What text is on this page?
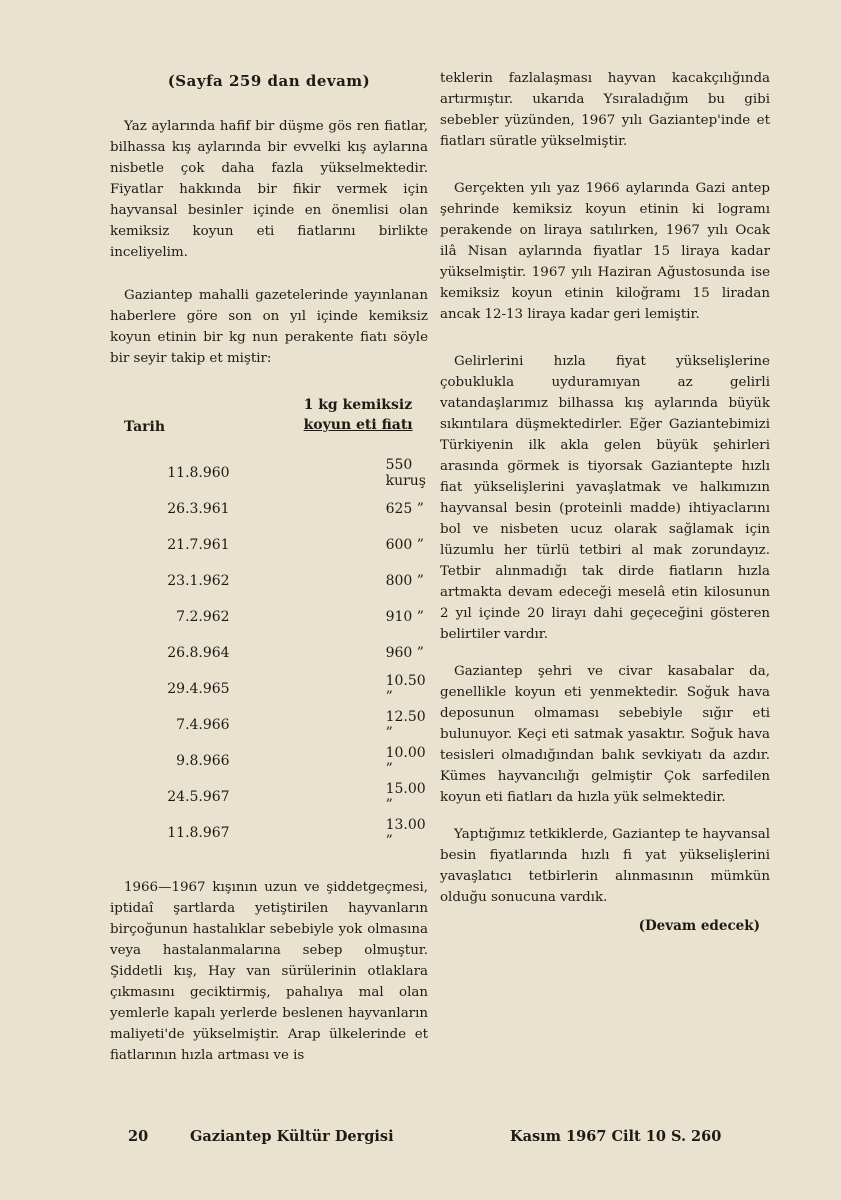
(Sayfa 259 dan devam)

Yaz aylarında hafif bir düşme gös ren fiatlar, bilhassa kış aylarında bir evvelki kış aylarına nisbetle çok daha fazla yükselmektedir. Fiyatlar hakkında bir fikir vermek için hayvansal besinler içinde en önemlisi olan kemiksiz koyun eti fiatlarını birlikte inceliyelim.

Gaziantep mahalli gazetelerinde yayınlanan haberlere göre son on yıl içinde kemiksiz koyun etinin bir kg nun perakente fiatı söyle bir seyir takip et miştir:

Tarih	1 kg kemiksiz
koyun eti fiatı

11.8.960	550 kuruş
26.3.961	625 ”
21.7.961	600 ”
23.1.962	800 ”
7.2.962	910 ”
26.8.964	960 ”
29.4.965	10.50 ”
7.4.966	12.50 ”
9.8.966	10.00 ”
24.5.967	15.00 ”
11.8.967	13.00 ”

1966—1967 kışının uzun ve şiddetgeçmesi, iptidaî şartlarda yetiştirilen hayvanların birçoğunun hastalıklar sebebiyle yok olmasına veya hastalanmalarına sebep olmuştur. Şiddetli kış, Hay van sürülerinin otlaklara çıkmasını geciktirmiş, pahalıya mal olan yemlerle kapalı yerlerde beslenen hayvanların maliyeti'de yükselmiştir. Arap ülkelerinde et fiatlarının hızla artması ve is

teklerin fazlalaşması hayvan kacakçılığında artırmıştır. ukarıda Ysıraladığım bu gibi sebebler yüzünden, 1967 yılı Gaziantep'inde et fiatları süratle yükselmiştir.

Gerçekten yılı yaz 1966 aylarında Gazi antep şehrinde kemiksiz koyun etinin ki logramı perakende on liraya satılırken, 1967 yılı Ocak ilâ Nisan aylarında fiyatlar 15 liraya kadar yükselmiştir. 1967 yılı Haziran Ağustosunda ise kemiksiz koyun etinin kiloğramı 15 liradan ancak 12-13 liraya kadar geri lemiştir.

Gelirlerini hızla fiyat yükselişlerine çobuklukla uyduramıyan az gelirli vatandaşlarımız bilhassa kış aylarında büyük sıkıntılara düşmektedirler. Eğer Gaziantebimizi Türkiyenin ilk akla gelen büyük şehirleri arasında görmek is tiyorsak Gaziantepte hızlı fiat yükselişlerini yavaşlatmak ve halkımızın hayvansal besin (proteinli madde) ihtiyaclarını bol ve nisbeten ucuz olarak sağlamak için lüzumlu her türlü tetbiri al mak zorundayız. Tetbir alınmadığı tak dirde fiatların hızla artmakta devam edeceği meselâ etin kilosunun 2 yıl içinde 20 lirayı dahi geçeceğini gösteren belirtiler vardır.

Gaziantep şehri ve civar kasabalar da, genellikle koyun eti yenmektedir. Soğuk hava deposunun olmaması sebebiyle sığır eti bulunuyor. Keçi eti satmak yasaktır. Soğuk hava tesisleri olmadığından balık sevkiyatı da azdır. Kümes hayvancılığı gelmiştir Çok sarfedilen koyun eti fiatları da hızla yük selmektedir.

Yaptığımız tetkiklerde, Gaziantep te hayvansal besin fiyatlarında hızlı fi yat yükselişlerini yavaşlatıcı tetbirlerin alınmasının mümkün olduğu sonucuna vardık.

(Devam edecek)
20	Gaziantep Kültür Dergisi	Kasım 1967 Cilt 10 S. 260
